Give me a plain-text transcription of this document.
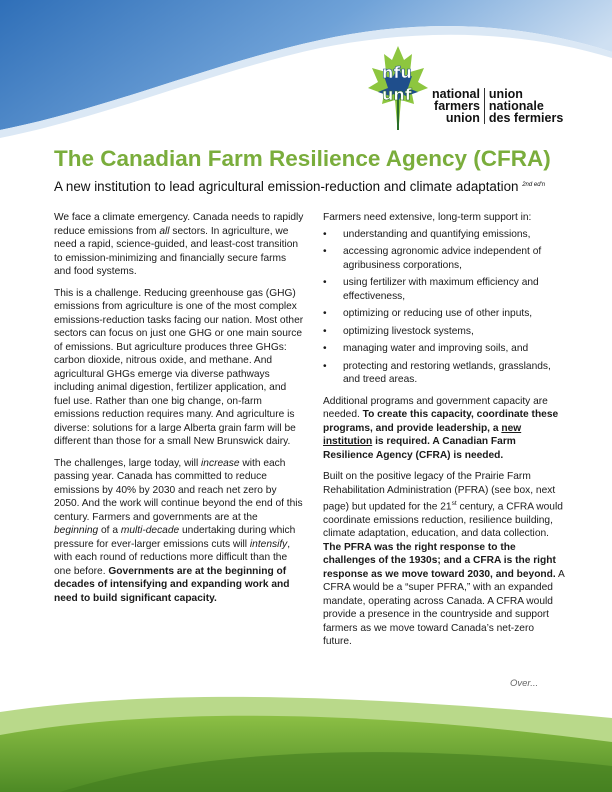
nfu
unf national
farmers
union
union
nationale
des fermiers
The Canadian Farm Resilience Agency (CFRA)
A new institution to lead agricultural emission-reduction and climate adaptation $^{2nd ed'n}$

We face a climate emergency. Canada needs to rapidly reduce emissions from all sectors. In agriculture, we need a rapid, science-guided, and least-cost transition to emission-minimizing and financially secure farms and food systems.

This is a challenge. Reducing greenhouse gas (GHG) emissions from agriculture is one of the most complex emissions-reduction tasks facing our nation. Most other sectors can focus on just one GHG or one main source of emissions. But agriculture produces three GHGs: carbon dioxide, nitrous oxide, and methane. And agricultural GHGs emerge via diverse pathways including animal digestion, fertilizer application, and fuel use. Rather than one big change, on-farm emissions reduction requires many. And agriculture is diverse: solutions for a large Alberta grain farm will be different than those for a small New Brunswick dairy.

The challenges, large today, will increase with each passing year. Canada has committed to reduce emissions by 40% by 2030 and reach net zero by 2050. And the work will continue beyond the end of this century. Farmers and governments are at the beginning of a multi-decade undertaking during which pressure for ever-larger emissions cuts will intensify, with each round of reductions more difficult than the one before. Governments are at the beginning of decades of intensifying and expanding work and need to build significant capacity.

Farmers need extensive, long-term support in:

• understanding and quantifying emissions,
• accessing agronomic advice independent of agribusiness corporations,
• using fertilizer with maximum efficiency and effectiveness,
• optimizing or reducing use of other inputs,
• optimizing livestock systems,
• managing water and improving soils, and
• protecting and restoring wetlands, grasslands, and treed areas.

Additional programs and government capacity are needed. To create this capacity, coordinate these programs, and provide leadership, a new institution is required. A Canadian Farm Resilience Agency (CFRA) is needed.

Built on the positive legacy of the Prairie Farm Rehabilitation Administration (PFRA) (see box, next page) but updated for the 21st century, a CFRA would coordinate emissions reduction, resilience building, climate adaptation, education, and data collection. The PFRA was the right response to the challenges of the 1930s; and a CFRA is the right response as we move toward 2030, and beyond. A CFRA would be a “super PFRA,” with an expanded mandate, operating across Canada. A CFRA would provide a presence in the countryside and support farmers as we move toward Canada’s net-zero future.

Over...
